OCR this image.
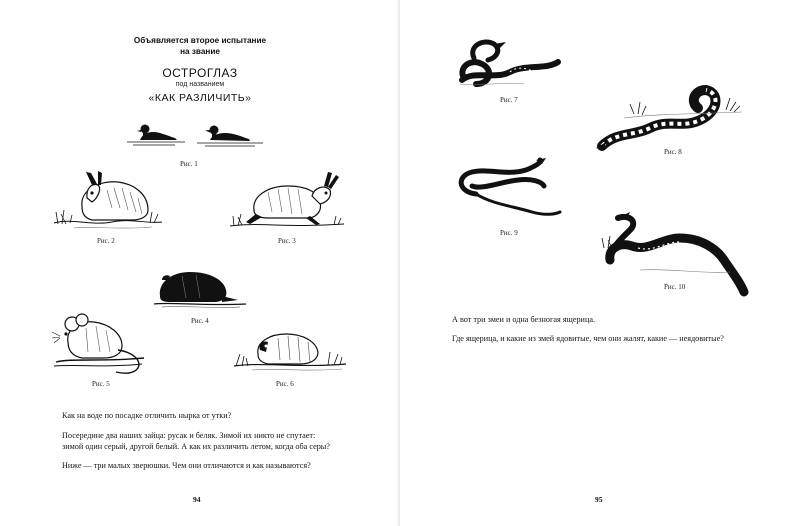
Объявляется второе испытание
на звание
ОСТРОГЛАЗ
под названием
«КАК РАЗЛИЧИТЬ»
Рис. 1
Рис. 2	Рис. 3
Рис. 4
Рис. 5	Рис. 6
Как на воде по посадке отличить нырка от утки?
Посередине два наших зайца: русак и беляк. Зимой их никто не спутает:
зимой один серый, другой белый. А как их различить летом, когда оба серы?
Ниже — три малых зверюшки. Чем они отличаются и как называются?
94
Рис. 7
Рис. 8
Рис. 9
Рис. 10
А вот три змеи и одна безногая ящерица.
Где ящерица, и какие из змей ядовитые, чем они жалят, какие — неядовитые?
95
